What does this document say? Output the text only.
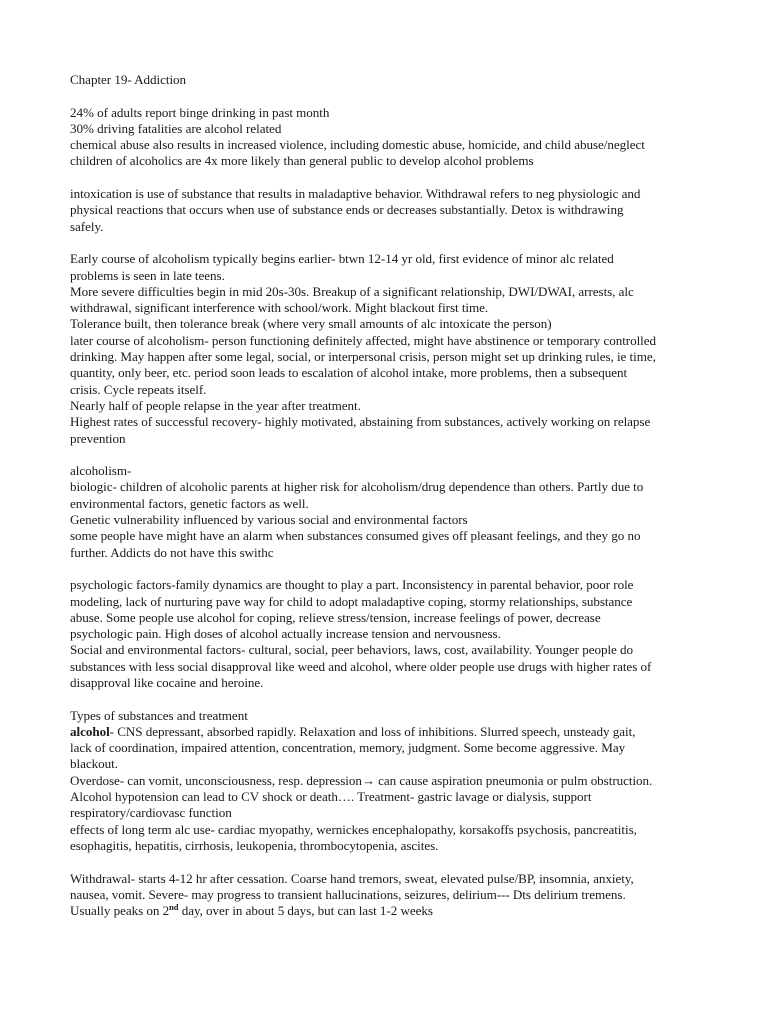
Chapter 19- Addiction
24% of adults report binge drinking in past month
30% driving fatalities are alcohol related
chemical abuse also results in increased violence, including domestic abuse, homicide, and child abuse/neglect
children of alcoholics are 4x more likely than general public to develop alcohol problems
intoxication is use of substance that results in maladaptive behavior. Withdrawal refers to neg physiologic and
physical reactions that occurs when use of substance ends or decreases substantially. Detox is withdrawing
safely.
Early course of alcoholism typically begins earlier- btwn 12-14 yr old, first evidence of minor alc related
problems is seen in late teens.
More severe difficulties begin in mid 20s-30s. Breakup of a significant relationship, DWI/DWAI, arrests, alc
withdrawal, significant interference with school/work. Might blackout first time.
Tolerance built, then tolerance break (where very small amounts of alc intoxicate the person)
later course of alcoholism- person functioning definitely affected, might have abstinence or temporary controlled
drinking. May happen after some legal, social, or interpersonal crisis, person might set up drinking rules, ie time,
quantity, only beer, etc. period soon leads to escalation of alcohol intake, more problems, then a subsequent
crisis. Cycle repeats itself.
Nearly half of people relapse in the year after treatment.
Highest rates of successful recovery- highly motivated, abstaining from substances, actively working on relapse
prevention
alcoholism-
biologic- children of alcoholic parents at higher risk for alcoholism/drug dependence than others. Partly due to
environmental factors, genetic factors as well.
Genetic vulnerability influenced by various social and environmental factors
some people have might have an alarm when substances consumed gives off pleasant feelings, and they go no
further. Addicts do not have this swithc
psychologic factors-family dynamics are thought to play a part. Inconsistency in parental behavior, poor role
modeling, lack of nurturing pave way for child to adopt maladaptive coping, stormy relationships, substance
abuse. Some people use alcohol for coping, relieve stress/tension, increase feelings of power, decrease
psychologic pain. High doses of alcohol actually increase tension and nervousness.
Social and environmental factors- cultural, social, peer behaviors, laws, cost, availability. Younger people do
substances with less social disapproval like weed and alcohol, where older people use drugs with higher rates of
disapproval like cocaine and heroine.
Types of substances and treatment
alcohol- CNS depressant, absorbed rapidly. Relaxation and loss of inhibitions. Slurred speech, unsteady gait,
lack of coordination, impaired attention, concentration, memory, judgment. Some become aggressive. May
blackout.
Overdose- can vomit, unconsciousness, resp. depression→ can cause aspiration pneumonia or pulm obstruction.
Alcohol hypotension can lead to CV shock or death…. Treatment- gastric lavage or dialysis, support
respiratory/cardiovasc function
effects of long term alc use- cardiac myopathy, wernickes encephalopathy, korsakoffs psychosis, pancreatitis,
esophagitis, hepatitis, cirrhosis, leukopenia, thrombocytopenia, ascites.
Withdrawal- starts 4-12 hr after cessation. Coarse hand tremors, sweat, elevated pulse/BP, insomnia, anxiety,
nausea, vomit. Severe- may progress to transient hallucinations, seizures, delirium--- Dts delirium tremens.
Usually peaks on 2nd day, over in about 5 days, but can last 1-2 weeks
